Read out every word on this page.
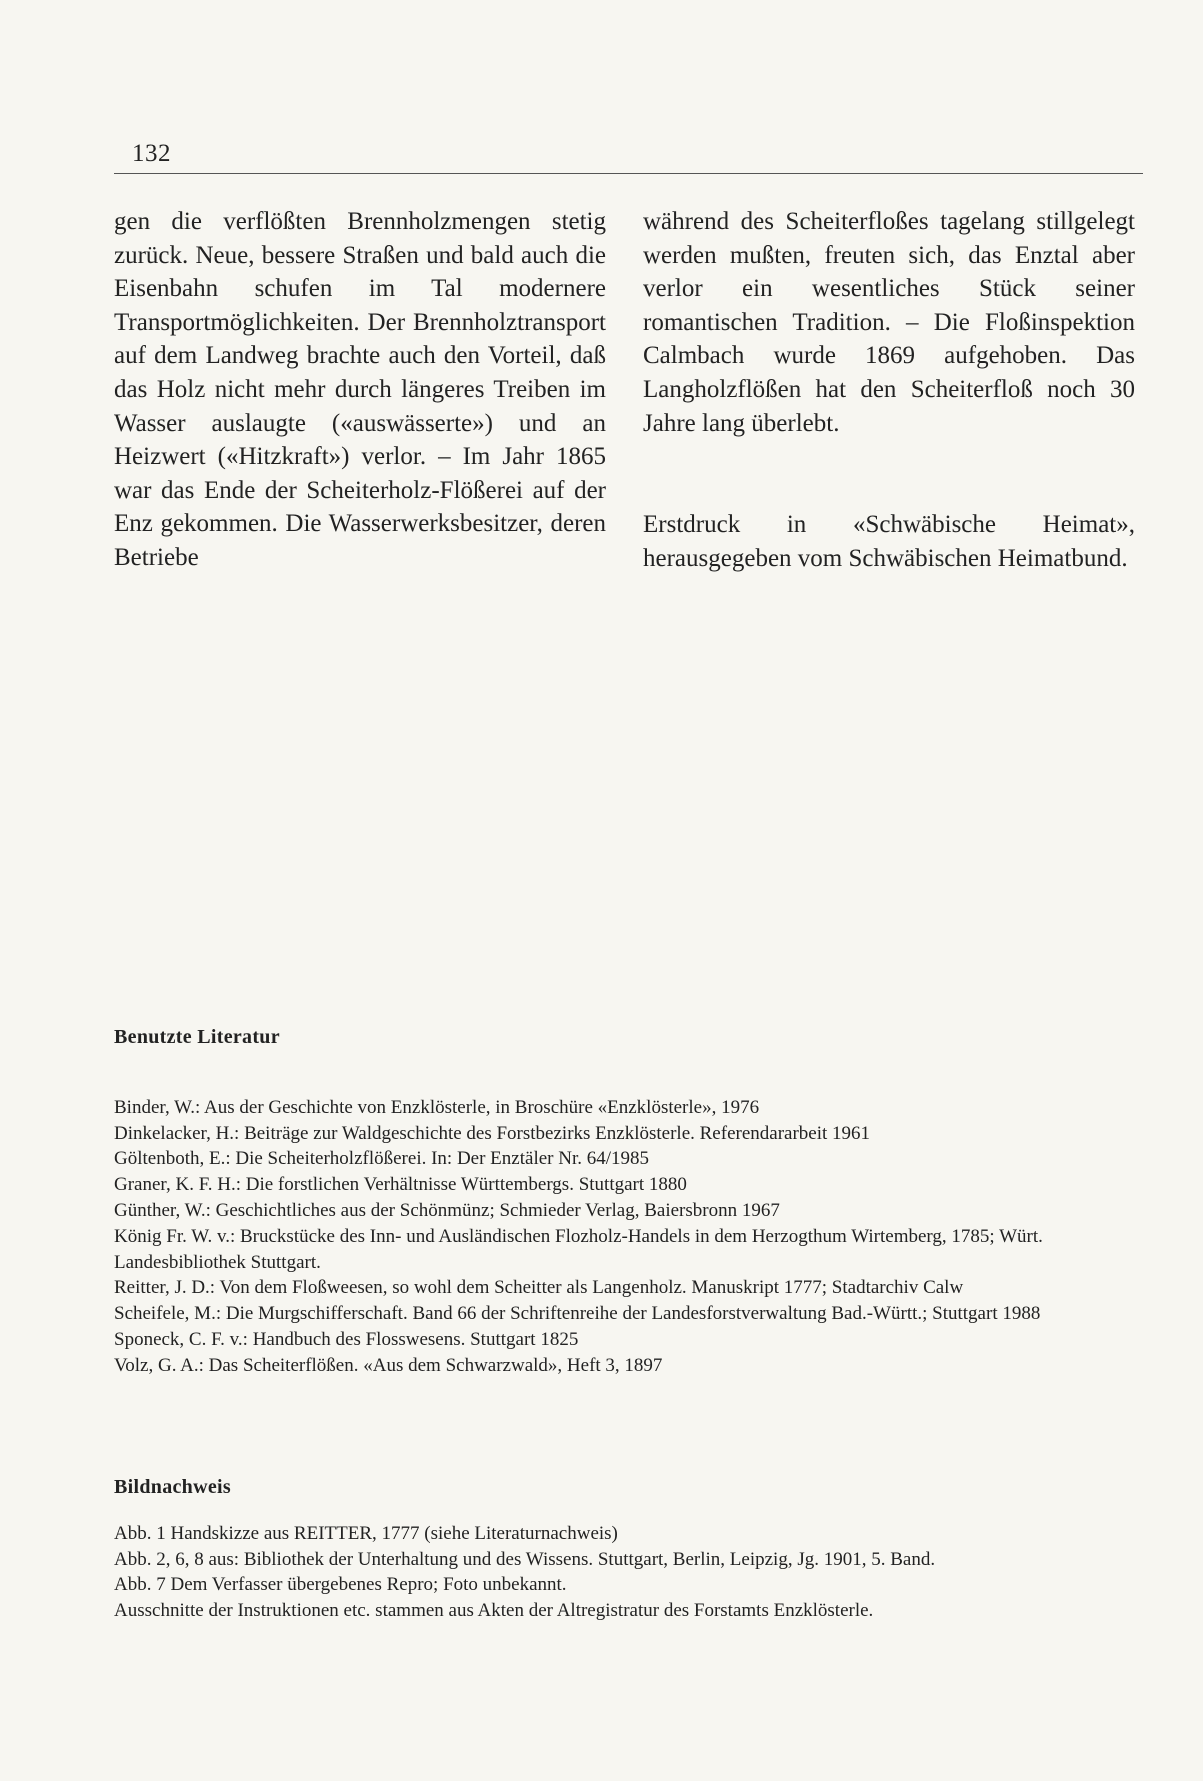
132

gen die verflößten Brennholzmengen stetig zurück. Neue, bessere Straßen und bald auch die Eisenbahn schufen im Tal modernere Transportmöglichkeiten. Der Brennholztransport auf dem Landweg brachte auch den Vorteil, daß das Holz nicht mehr durch längeres Treiben im Wasser auslaugte («auswässerte») und an Heizwert («Hitzkraft») verlor. – Im Jahr 1865 war das Ende der Scheiterholz-Flößerei auf der Enz gekommen. Die Wasserwerksbesitzer, deren Betriebe

während des Scheiterfloßes tagelang stillgelegt werden mußten, freuten sich, das Enztal aber verlor ein wesentliches Stück seiner romantischen Tradition. – Die Floßinspektion Calmbach wurde 1869 aufgehoben. Das Langholzflößen hat den Scheiterfloß noch 30 Jahre lang überlebt.

Erstdruck in «Schwäbische Heimat», herausgegeben vom Schwäbischen Heimatbund.

Benutzte Literatur
Binder, W.: Aus der Geschichte von Enzklösterle, in Broschüre «Enzklösterle», 1976
Dinkelacker, H.: Beiträge zur Waldgeschichte des Forstbezirks Enzklösterle. Referendararbeit 1961
Göltenboth, E.: Die Scheiterholzflößerei. In: Der Enztäler Nr. 64/1985
Graner, K. F. H.: Die forstlichen Verhältnisse Württembergs. Stuttgart 1880
Günther, W.: Geschichtliches aus der Schönmünz; Schmieder Verlag, Baiersbronn 1967
König Fr. W. v.: Bruckstücke des Inn- und Ausländischen Flozholz-Handels in dem Herzogthum Wirtemberg, 1785; Würt. Landesbibliothek Stuttgart.
Reitter, J. D.: Von dem Floßweesen, so wohl dem Scheitter als Langenholz. Manuskript 1777; Stadtarchiv Calw
Scheifele, M.: Die Murgschifferschaft. Band 66 der Schriftenreihe der Landesforstverwaltung Bad.-Württ.; Stuttgart 1988
Sponeck, C. F. v.: Handbuch des Flosswesens. Stuttgart 1825
Volz, G. A.: Das Scheiterflößen. «Aus dem Schwarzwald», Heft 3, 1897
Bildnachweis
Abb. 1 Handskizze aus REITTER, 1777 (siehe Literaturnachweis)
Abb. 2, 6, 8 aus: Bibliothek der Unterhaltung und des Wissens. Stuttgart, Berlin, Leipzig, Jg. 1901, 5. Band.
Abb. 7 Dem Verfasser übergebenes Repro; Foto unbekannt.
Ausschnitte der Instruktionen etc. stammen aus Akten der Altregistratur des Forstamts Enzklösterle.
